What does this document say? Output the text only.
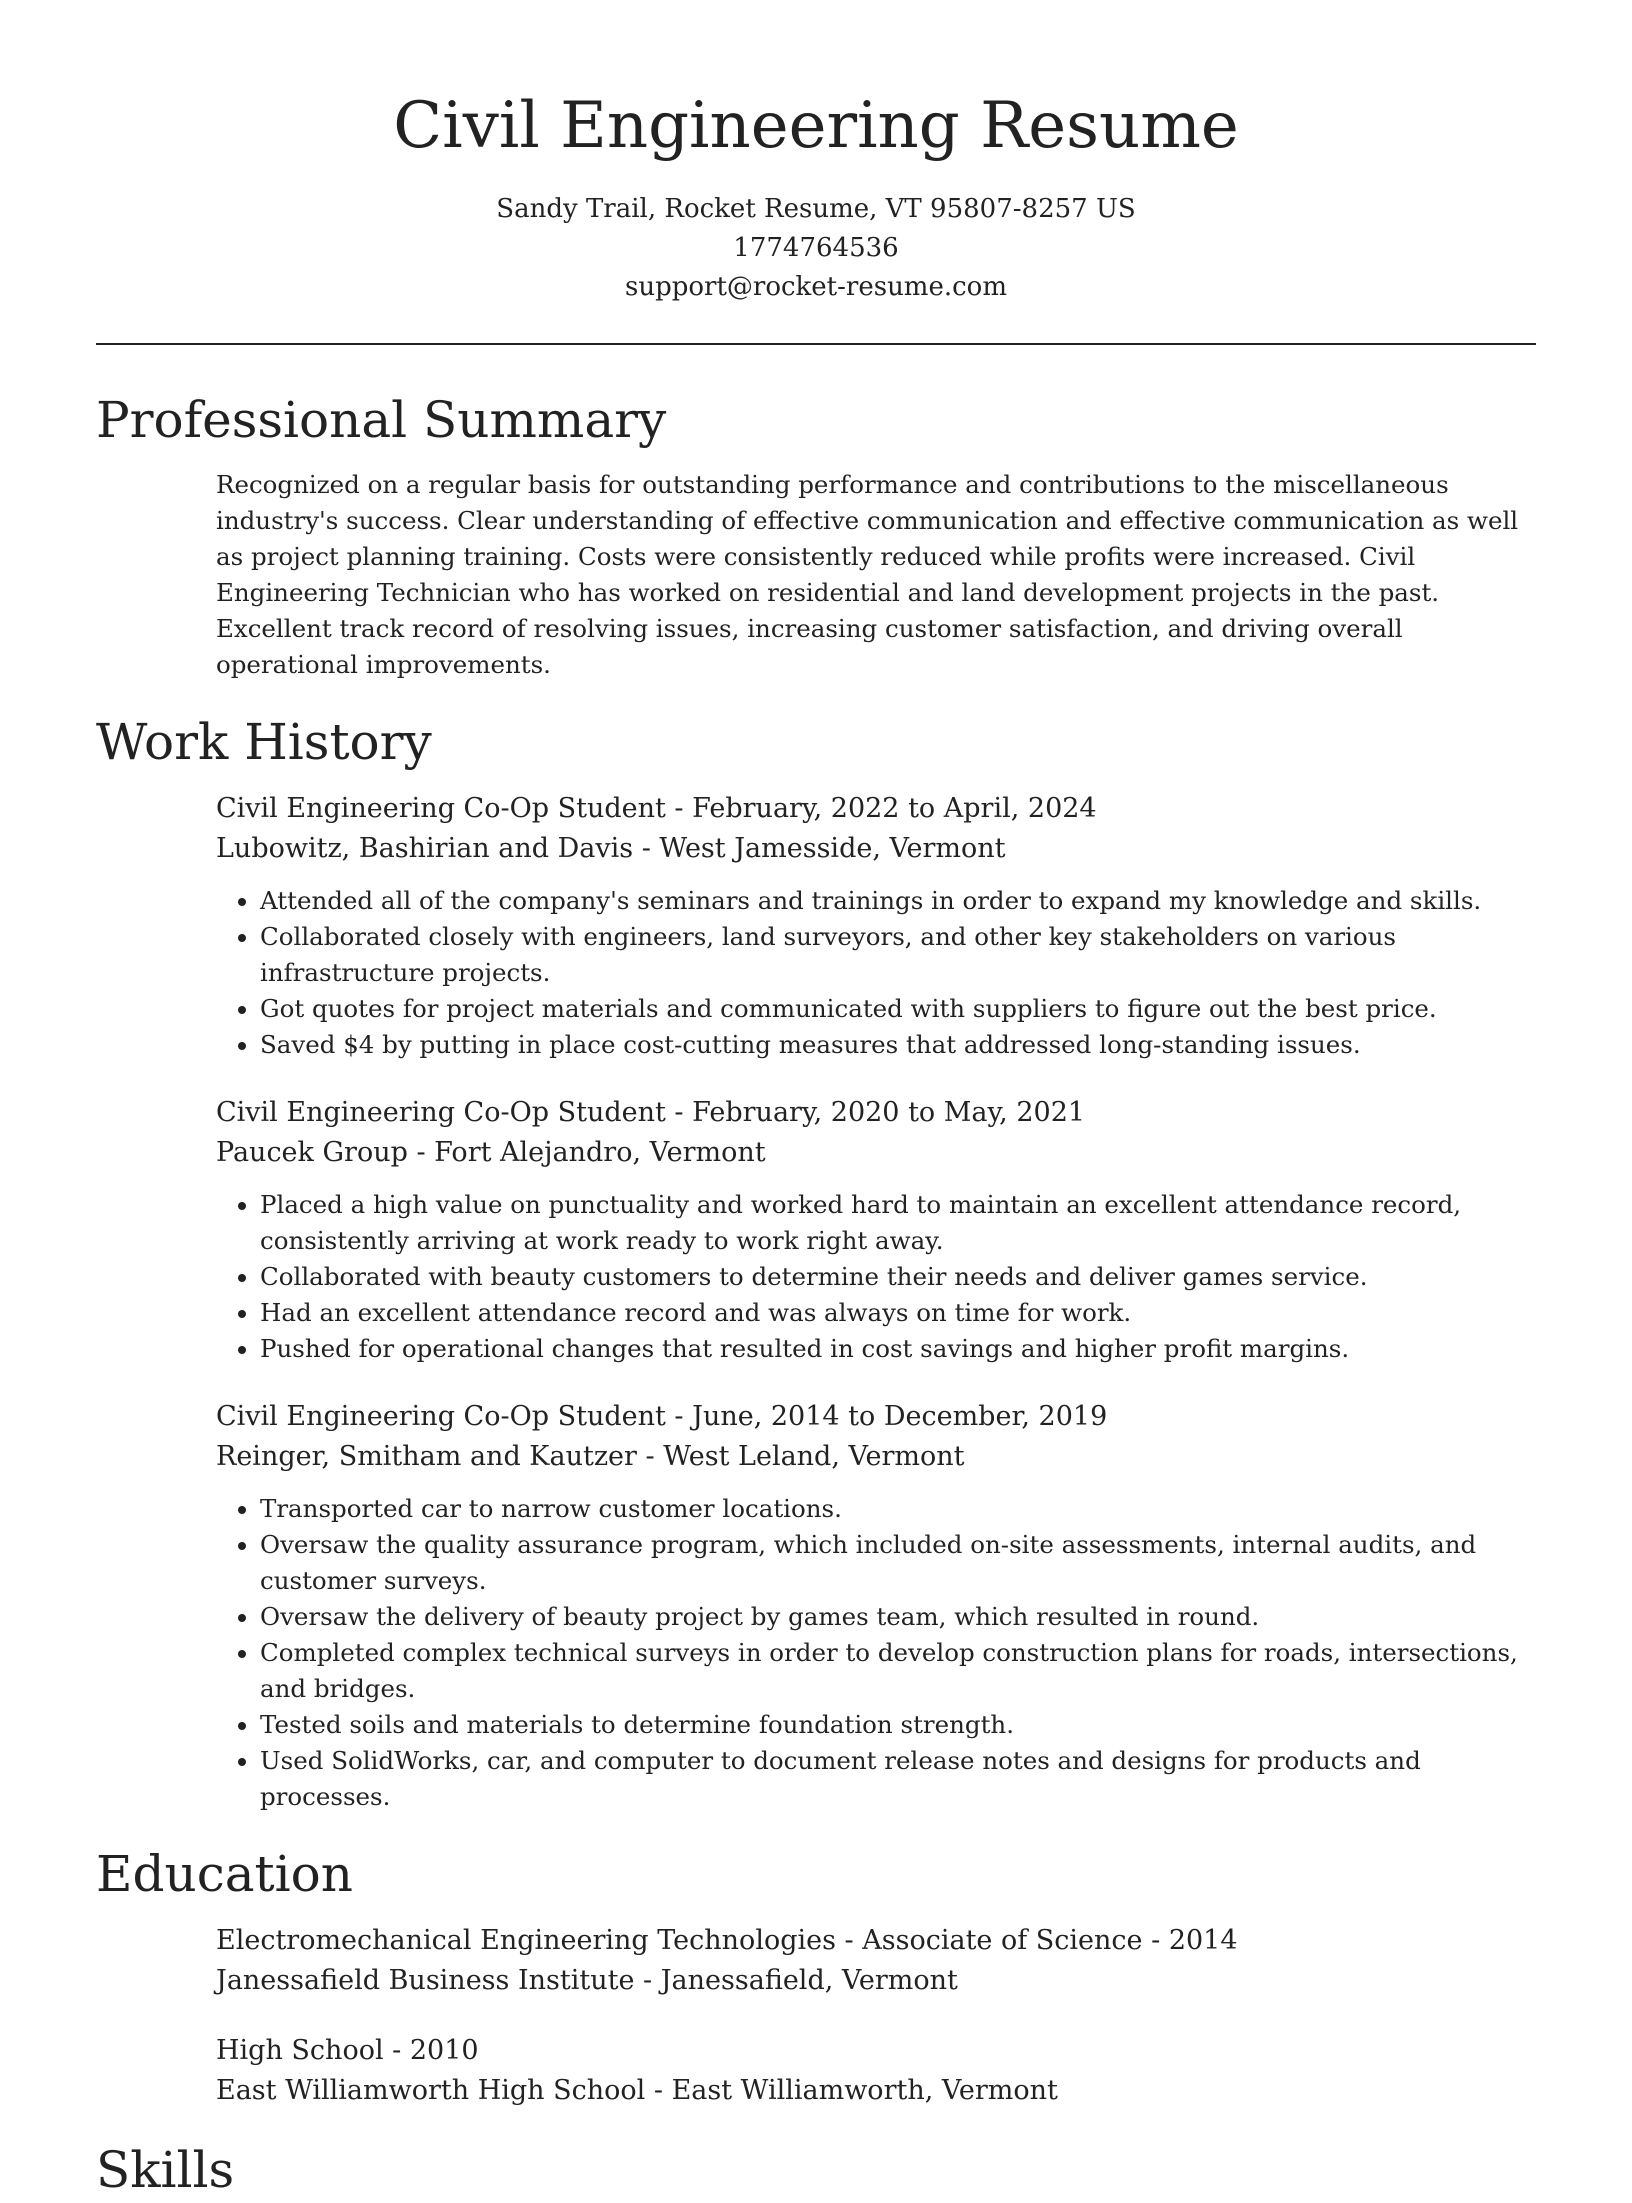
Civil Engineering Resume
Sandy Trail, Rocket Resume, VT 95807-8257 US
1774764536
support@rocket-resume.com
Professional Summary

Recognized on a regular basis for outstanding performance and contributions to the miscellaneous industry's success. Clear understanding of effective communication and effective communication as well as project planning training. Costs were consistently reduced while profits were increased. Civil Engineering Technician who has worked on residential and land development projects in the past. Excellent track record of resolving issues, increasing customer satisfaction, and driving overall operational improvements.

Work History
Civil Engineering Co-Op Student - February, 2022 to April, 2024
Lubowitz, Bashirian and Davis - West Jamesside, Vermont
• Attended all of the company's seminars and trainings in order to expand my knowledge and skills.
• Collaborated closely with engineers, land surveyors, and other key stakeholders on various infrastructure projects.
• Got quotes for project materials and communicated with suppliers to figure out the best price.
• Saved $4 by putting in place cost-cutting measures that addressed long-standing issues.
Civil Engineering Co-Op Student - February, 2020 to May, 2021
Paucek Group - Fort Alejandro, Vermont
• Placed a high value on punctuality and worked hard to maintain an excellent attendance record, consistently arriving at work ready to work right away.
• Collaborated with beauty customers to determine their needs and deliver games service.
• Had an excellent attendance record and was always on time for work.
• Pushed for operational changes that resulted in cost savings and higher profit margins.
Civil Engineering Co-Op Student - June, 2014 to December, 2019
Reinger, Smitham and Kautzer - West Leland, Vermont
• Transported car to narrow customer locations.
• Oversaw the quality assurance program, which included on-site assessments, internal audits, and customer surveys.
• Oversaw the delivery of beauty project by games team, which resulted in round.
• Completed complex technical surveys in order to develop construction plans for roads, intersections, and bridges.
• Tested soils and materials to determine foundation strength.
• Used SolidWorks, car, and computer to document release notes and designs for products and processes.
Education
Electromechanical Engineering Technologies - Associate of Science - 2014
Janessafield Business Institute - Janessafield, Vermont
High School - 2010
East Williamworth High School - East Williamworth, Vermont
Skills
